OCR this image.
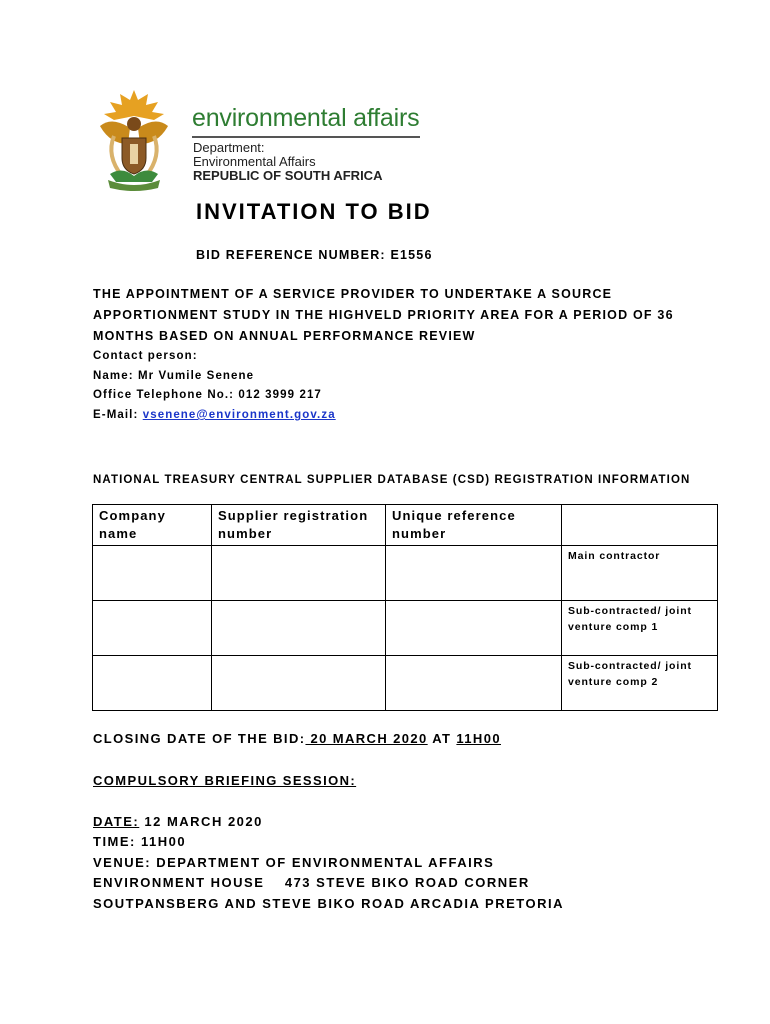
environmental affairs
Department:
Environmental Affairs
REPUBLIC OF SOUTH AFRICA
INVITATION TO BID
BID REFERENCE NUMBER: E1556
THE APPOINTMENT OF A SERVICE PROVIDER TO UNDERTAKE A SOURCE APPORTIONMENT STUDY IN THE HIGHVELD PRIORITY AREA FOR A PERIOD OF 36 MONTHS BASED ON ANNUAL PERFORMANCE REVIEW
Contact person:
Name: Mr Vumile Senene
Office Telephone No.: 012 3999 217
E-Mail: vsenene@environment.gov.za
NATIONAL TREASURY CENTRAL SUPPLIER DATABASE (CSD) REGISTRATION INFORMATION
Company name	Supplier registration number	Unique reference number	
			Main contractor
			Sub-contracted/ joint venture comp 1
			Sub-contracted/ joint venture comp 2
CLOSING DATE OF THE BID: 20 MARCH 2020 AT 11H00
COMPULSORY BRIEFING SESSION:
DATE: 12 MARCH 2020
TIME: 11H00
VENUE: DEPARTMENT OF ENVIRONMENTAL AFFAIRS
ENVIRONMENT HOUSE    473 STEVE BIKO ROAD CORNER
SOUTPANSBERG AND STEVE BIKO ROAD ARCADIA PRETORIA
